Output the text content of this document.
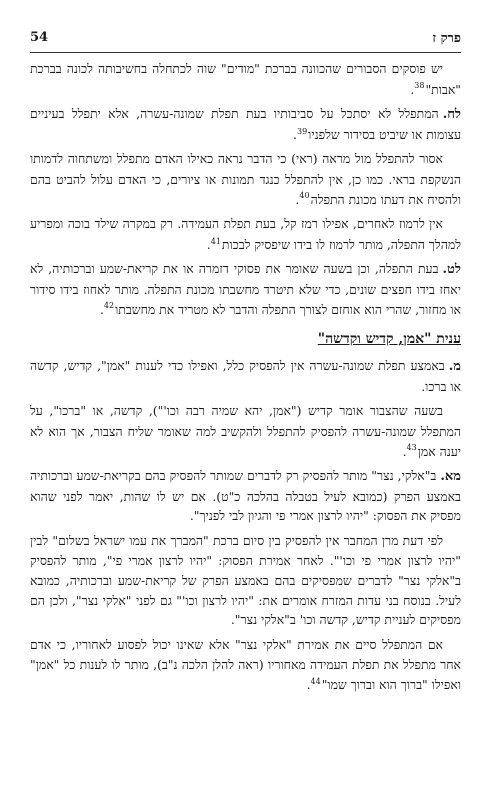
פרק ז
54

יש פוסקים הסבורים שהכוונה בברכת "מודים" שוה לכתחלה בחשיבותה לכונה בברכת "אבות"$^{38}$.

לח.המתפלל לא יסתכל על סביבותיו בעת תפלת שמונה-עשרה, אלא יתפלל בעיניים עצומות או שיביט בסידור שלפניו$^{39}$.

אסור להתפלל מול מראה (ראי) כי הדבר נראה כאילו האדם מתפלל ומשתחוה לדמותו הנשקפת בראי. כמו כן, אין להתפלל כנגד תמונות או ציורים, כי האדם עלול להביט בהם ולהסיח את דעתו מכונת התפלה$^{40}$.

אין לרמוז לאחרים, אפילו רמז קל, בעת תפלת העמידה. רק במקרה שילד בוכה ומפריע למהלך התפלה, מותר לרמוז לו בידו שיפסיק לבכות$^{41}$.

לט.בעת התפלה, וכן בשעה שאומר את פסוקי דזמרה או את קריאת-שמע וברכותיה, לא יאחז בידו חפצים שונים, כדי שלא תיטרד מחשבתו מכונת התפלה. מותר לאחוז בידו סידור או מחזור, שהרי הוא אוחזם לצורך התפלה והדבר לא מטריד את מחשבתו$^{42}$.

ענית "אמן, קדיש וקדשה"

מ.באמצע תפלת שמונה-עשרה אין להפסיק כלל, ואפילו כדי לענות "אמן", קדיש, קדשה או ברכו.

בשעה שהצבור אומר קדיש ("אמן, יהא שמיה רבה וכו'"), קדשה, או "ברכו", על המתפלל שמונה-עשרה להפסיק להתפלל ולהקשיב למה שאומר שליח הצבור, אך הוא לא יענה אמן$^{43}$.

מא.ב"אלקי, נצר" מותר להפסיק רק לדברים שמותר להפסיק בהם בקריאת-שמע וברכותיה באמצע הפרק (כמובא לעיל בטבלה בהלכה כ"ט). אם יש לו שהות, יאמר לפני שהוא מפסיק את הפסוק: "יהיו לרצון אמרי פי והגיון לבי לפניך".

לפי דעת מרן המחבר אין להפסיק בין סיום ברכת "המברך את עמו ישראל בשלום" לבין "יהיו לרצון אמרי פי וכו'". לאחר אמירת הפסוק: "יהיו לרצון אמרי פי", מותר להפסיק ב"אלקי נצר" לדברים שמפסיקים בהם באמצע הפרק של קריאת-שמע וברכותיה, כמובא לעיל. בנוסח בני עדות המזרח אומרים את: "יהיו לרצון וכו'" גם לפני "אלקי נצר", ולכן הם מפסיקים לעניית קדיש, קדשה וכו' ב"אלקי נצר".

אם המתפלל סיים את אמירת "אלקי נצר" אלא שאינו יכול לפסוע לאחוריו, כי אדם אחר מתפלל את תפלת העמידה מאחוריו (ראה להלן הלכה נ"ב), מותר לו לענות כל "אמן" ואפילו "ברוך הוא וברוך שמו"$^{44}$.
